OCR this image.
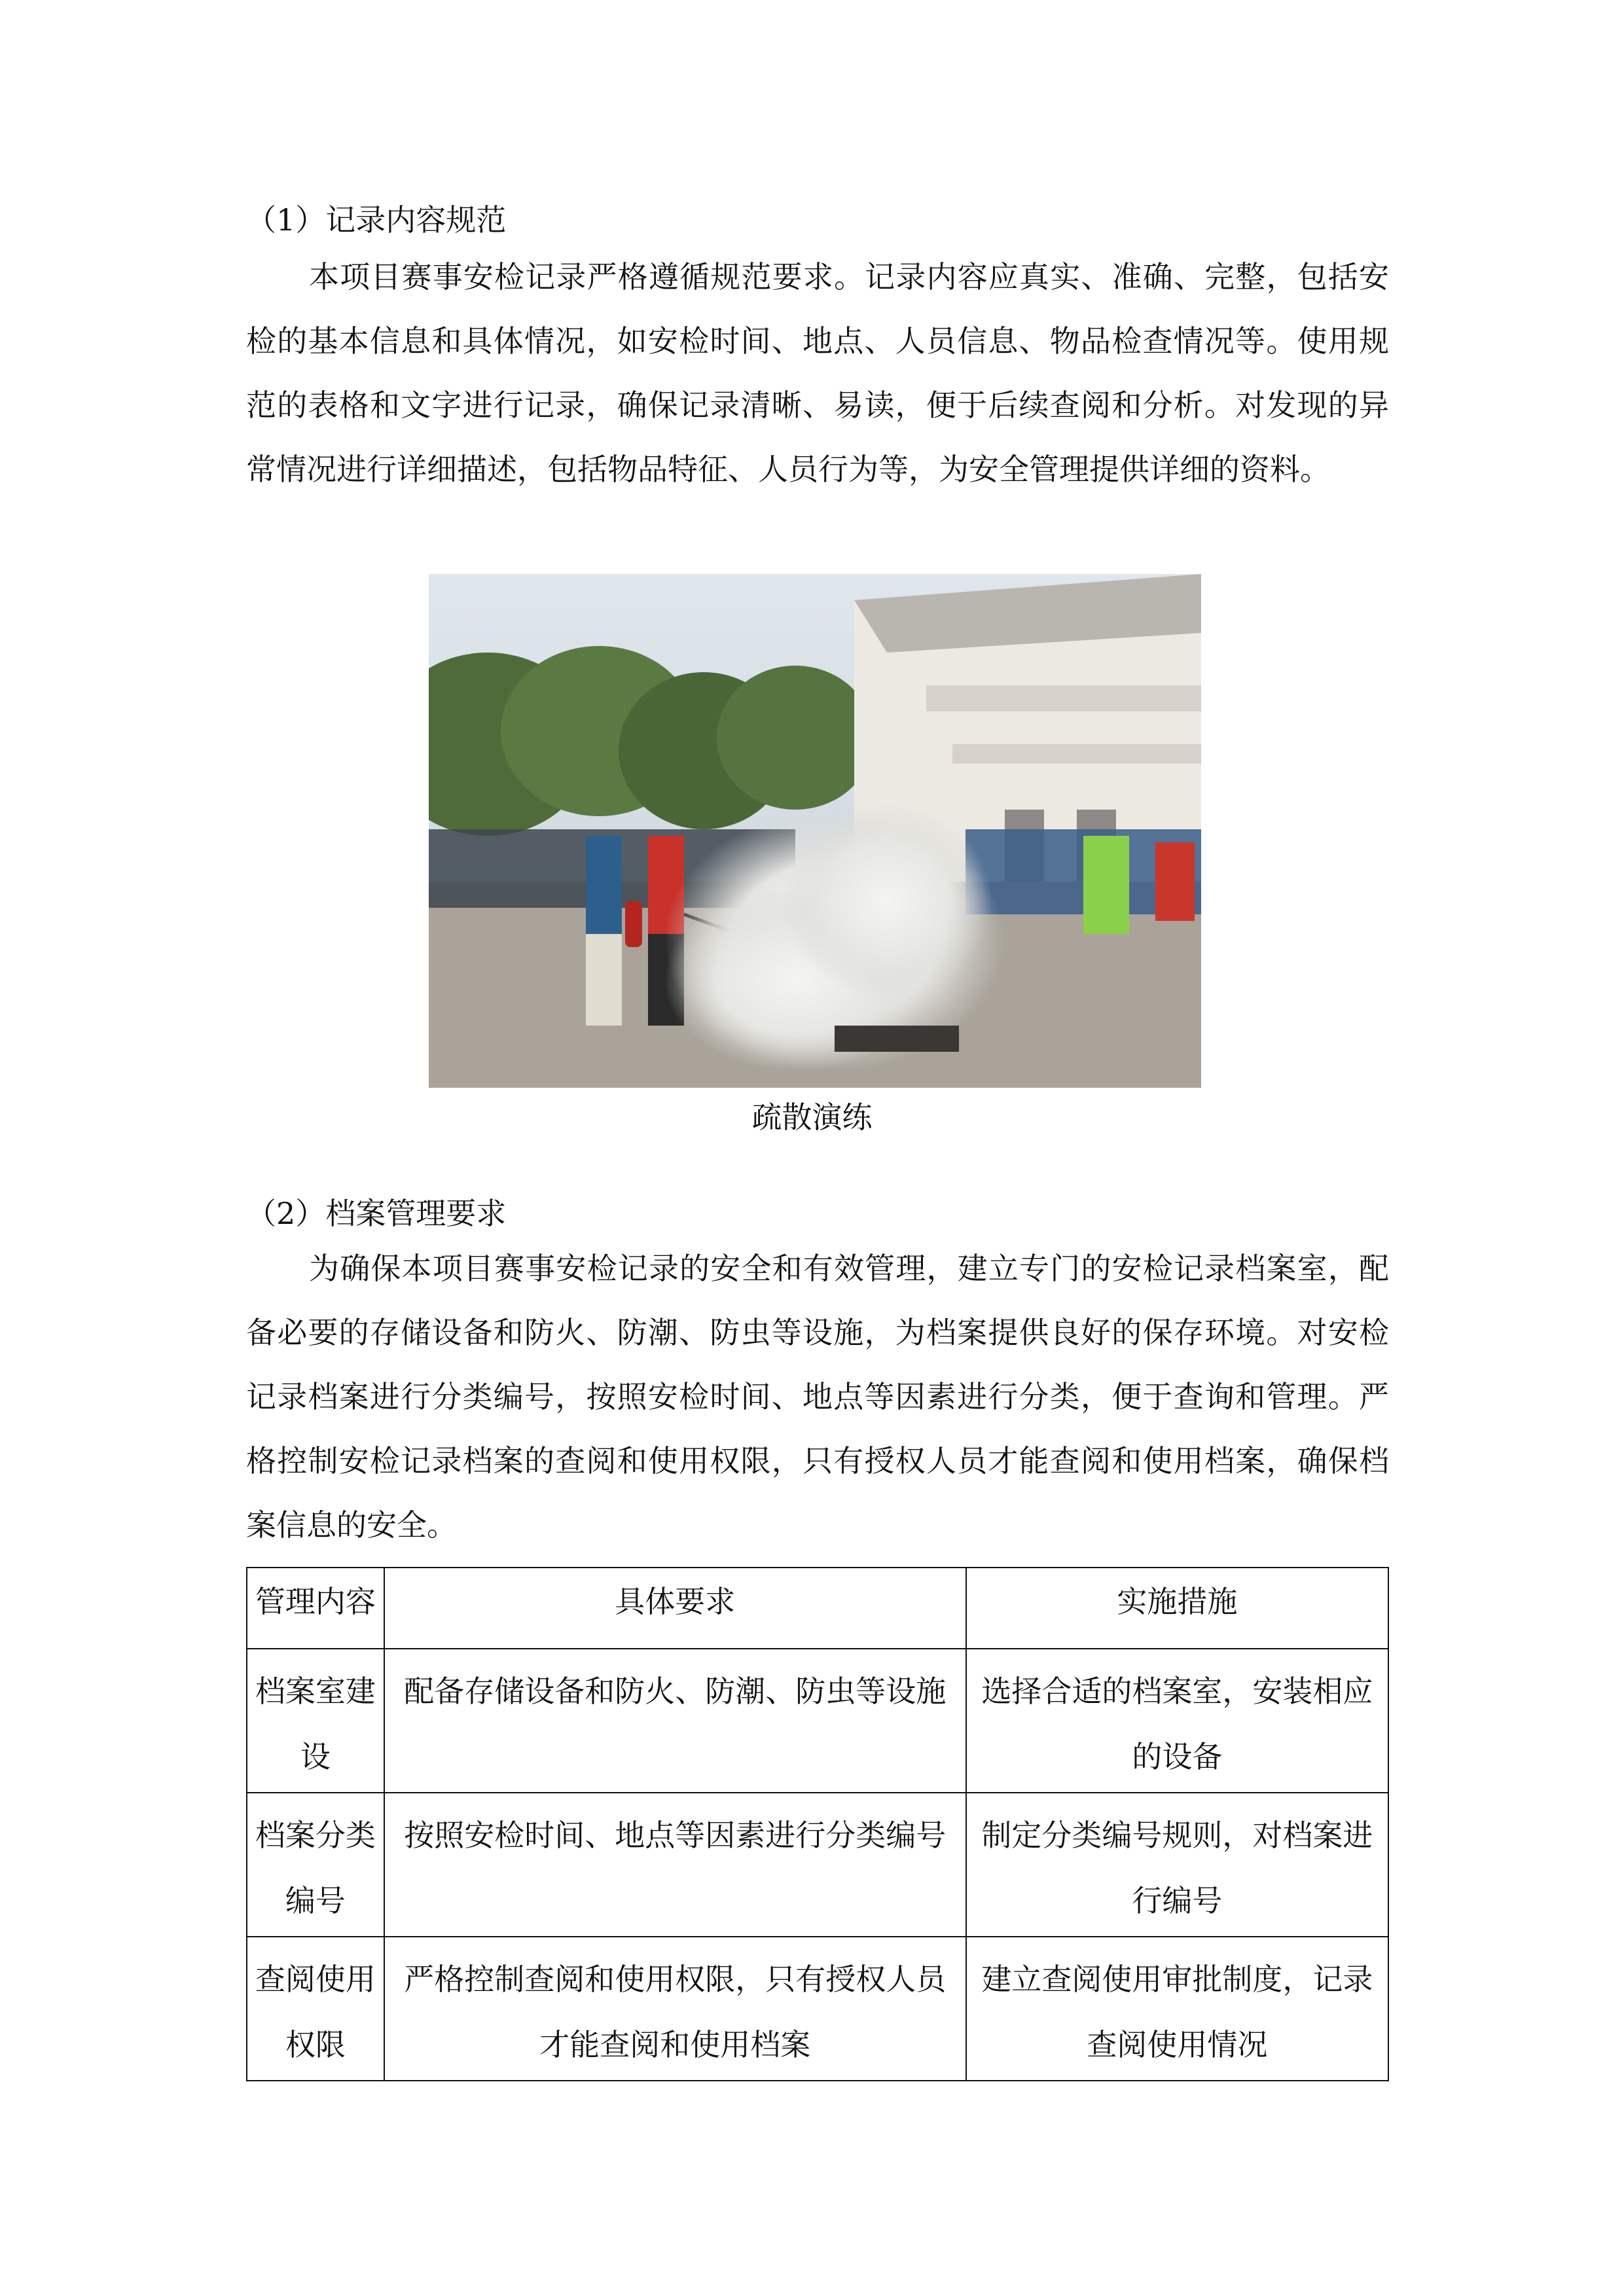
（1）记录内容规范

本项目赛事安检记录严格遵循规范要求。记录内容应真实、准确、完整，包括安检的基本信息和具体情况，如安检时间、地点、人员信息、物品检查情况等。使用规范的表格和文字进行记录，确保记录清晰、易读，便于后续查阅和分析。对发现的异常情况进行详细描述，包括物品特征、人员行为等，为安全管理提供详细的资料。

疏散演练
（2）档案管理要求

为确保本项目赛事安检记录的安全和有效管理，建立专门的安检记录档案室，配备必要的存储设备和防火、防潮、防虫等设施，为档案提供良好的保存环境。对安检记录档案进行分类编号，按照安检时间、地点等因素进行分类，便于查询和管理。严格控制安检记录档案的查阅和使用权限，只有授权人员才能查阅和使用档案，确保档案信息的安全。

管理内容	具体要求	实施措施
档案室建设	配备存储设备和防火、防潮、防虫等设施	选择合适的档案室，安装相应的设备
档案分类编号	按照安检时间、地点等因素进行分类编号	制定分类编号规则，对档案进行编号
查阅使用权限	严格控制查阅和使用权限，只有授权人员才能查阅和使用档案	建立查阅使用审批制度，记录查阅使用情况
